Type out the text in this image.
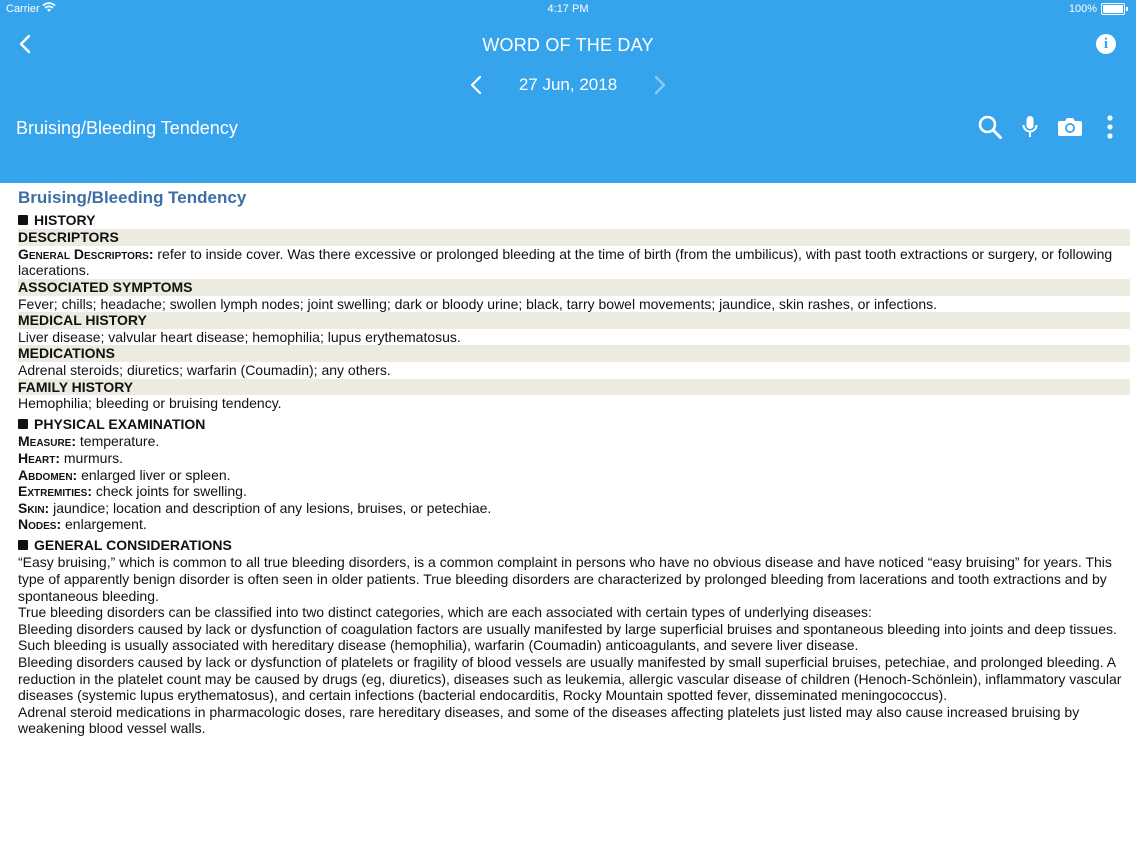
Carrier	4:17 PM	100%
WORD OF THE DAY	i
27 Jun, 2018
Bruising/Bleeding Tendency
Bruising/Bleeding Tendency
HISTORY
DESCRIPTORS

General Descriptors: refer to inside cover. Was there excessive or prolonged bleeding at the time of birth (from the umbilicus), with past tooth extractions or surgery, or following lacerations.

ASSOCIATED SYMPTOMS

Fever; chills; headache; swollen lymph nodes; joint swelling; dark or bloody urine; black, tarry bowel movements; jaundice, skin rashes, or infections.

MEDICAL HISTORY

Liver disease; valvular heart disease; hemophilia; lupus erythematosus.

MEDICATIONS

Adrenal steroids; diuretics; warfarin (Coumadin); any others.

FAMILY HISTORY

Hemophilia; bleeding or bruising tendency.

PHYSICAL EXAMINATION

Measure: temperature.

Heart: murmurs.

Abdomen: enlarged liver or spleen.

Extremities: check joints for swelling.

Skin: jaundice; location and description of any lesions, bruises, or petechiae.

Nodes: enlargement.

GENERAL CONSIDERATIONS

“Easy bruising,” which is common to all true bleeding disorders, is a common complaint in persons who have no obvious disease and have noticed “easy bruising” for years. This type of apparently benign disorder is often seen in older patients. True bleeding disorders are characterized by prolonged bleeding from lacerations and tooth extractions and by spontaneous bleeding.

True bleeding disorders can be classified into two distinct categories, which are each associated with certain types of underlying diseases:

Bleeding disorders caused by lack or dysfunction of coagulation factors are usually manifested by large superficial bruises and spontaneous bleeding into joints and deep tissues. Such bleeding is usually associated with hereditary disease (hemophilia), warfarin (Coumadin) anticoagulants, and severe liver disease.

Bleeding disorders caused by lack or dysfunction of platelets or fragility of blood vessels are usually manifested by small superficial bruises, petechiae, and prolonged bleeding. A reduction in the platelet count may be caused by drugs (eg, diuretics), diseases such as leukemia, allergic vascular disease of children (Henoch-Schönlein), inflammatory vascular diseases (systemic lupus erythematosus), and certain infections (bacterial endocarditis, Rocky Mountain spotted fever, disseminated meningococcus).

Adrenal steroid medications in pharmacologic doses, rare hereditary diseases, and some of the diseases affecting platelets just listed may also cause increased bruising by weakening blood vessel walls.
